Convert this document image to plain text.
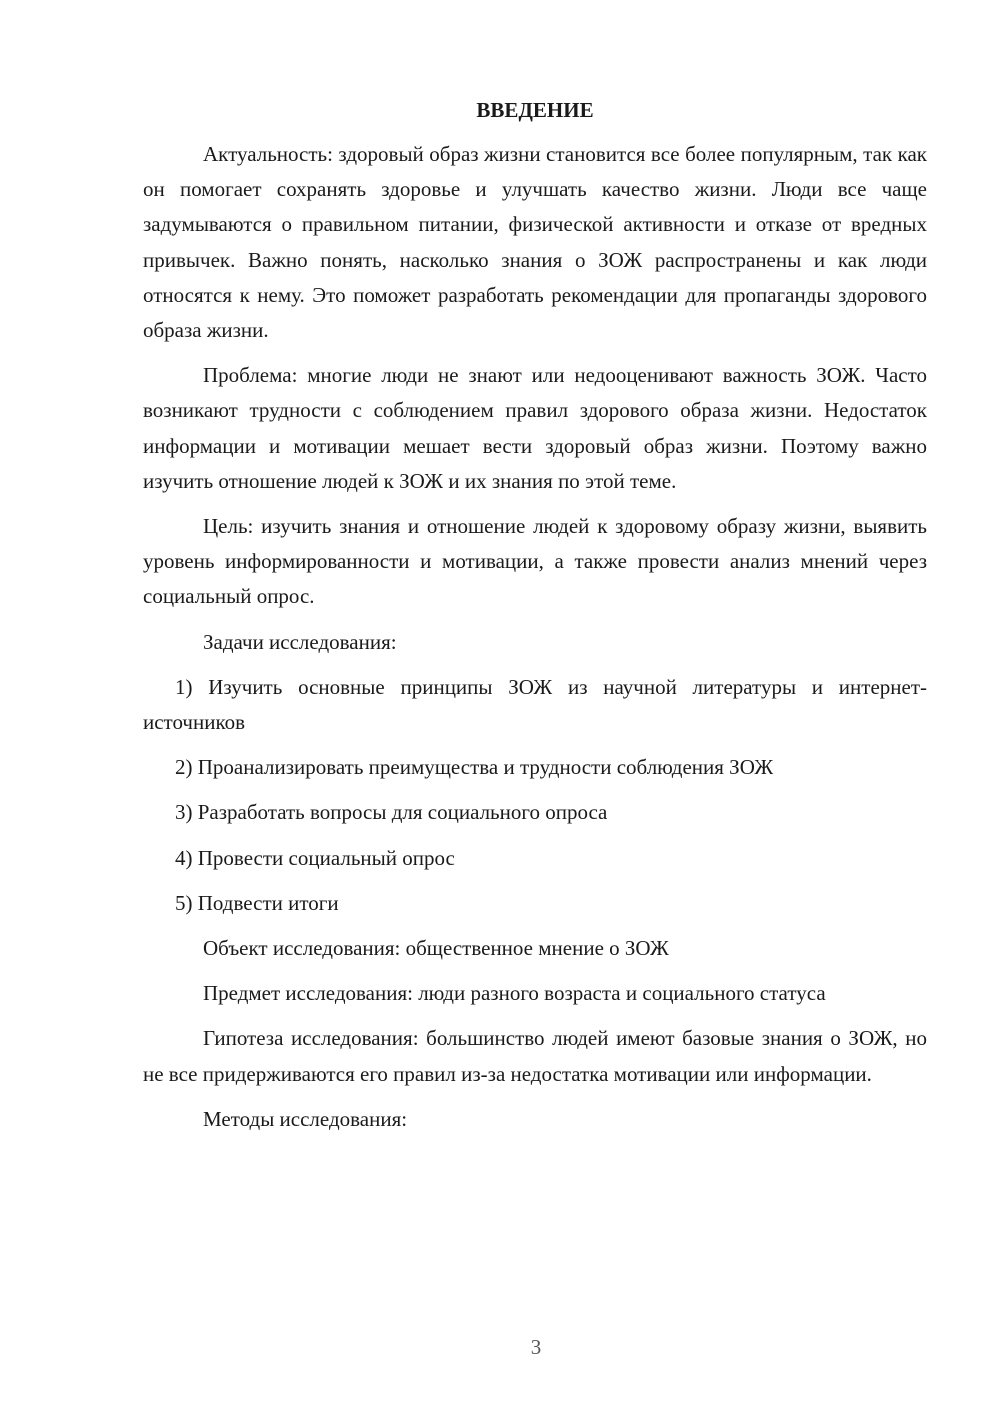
ВВЕДЕНИЕ

Актуальность: здоровый образ жизни становится все более популярным, так как он помогает сохранять здоровье и улучшать качество жизни. Люди все чаще задумываются о правильном питании, физической активности и отказе от вредных привычек. Важно понять, насколько знания о ЗОЖ распространены и как люди относятся к нему. Это поможет разработать рекомендации для пропаганды здорового образа жизни.

Проблема: многие люди не знают или недооценивают важность ЗОЖ. Часто возникают трудности с соблюдением правил здорового образа жизни. Недостаток информации и мотивации мешает вести здоровый образ жизни. Поэтому важно изучить отношение людей к ЗОЖ и их знания по этой теме.

Цель: изучить знания и отношение людей к здоровому образу жизни, выявить уровень информированности и мотивации, а также провести анализ мнений через социальный опрос.

Задачи исследования:

1) Изучить основные принципы ЗОЖ из научной литературы и интернет-источников

2) Проанализировать преимущества и трудности соблюдения ЗОЖ

3) Разработать вопросы для социального опроса

4) Провести социальный опрос

5) Подвести итоги

Объект исследования: общественное мнение о ЗОЖ

Предмет исследования: люди разного возраста и социального статуса

Гипотеза исследования: большинство людей имеют базовые знания о ЗОЖ, но не все придерживаются его правил из-за недостатка мотивации или информации.

Методы исследования:

3
